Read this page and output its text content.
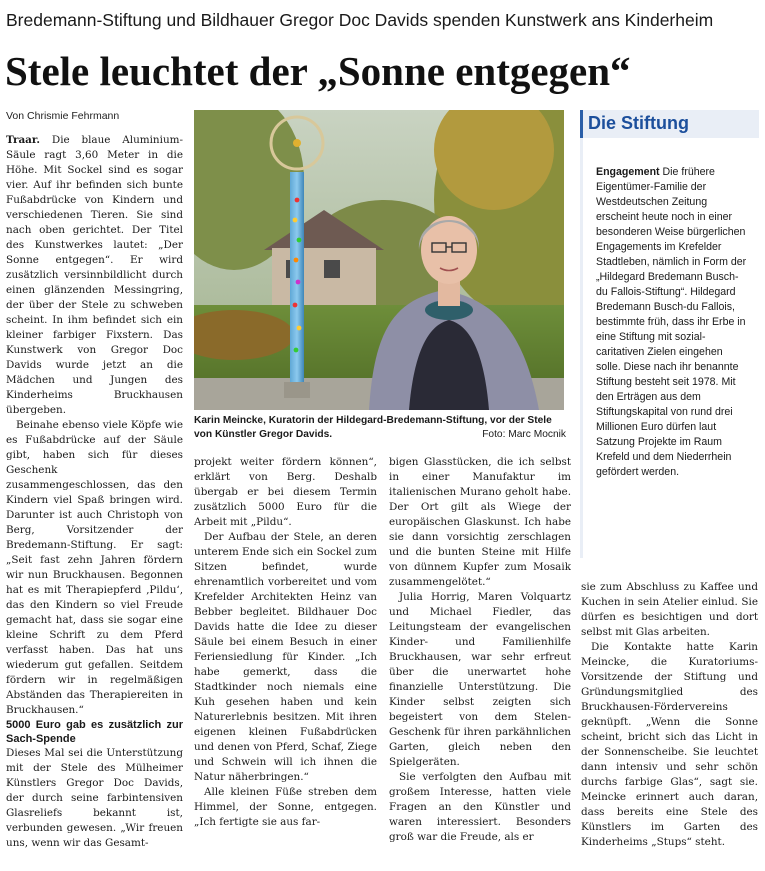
Bredemann-Stiftung und Bildhauer Gregor Doc Davids spenden Kunstwerk ans Kinderheim
Stele leuchtet der „Sonne entgegen“
Von Chrismie Fehrmann

Traar. Die blaue Aluminium-Säule ragt 3,60 Meter in die Höhe. Mit Sockel sind es sogar vier. Auf ihr befinden sich bunte Fußabdrücke von Kindern und verschiedenen Tieren. Sie sind nach oben gerichtet. Der Titel des Kunstwerkes lautet: „Der Sonne entgegen“. Er wird zusätzlich versinnbildlicht durch einen glänzenden Messingring, der über der Stele zu schweben scheint. In ihm befindet sich ein kleiner farbiger Fixstern. Das Kunstwerk von Gregor Doc Davids wurde jetzt an die Mädchen und Jungen des Kinderheims Bruckhausen übergeben.

Beinahe ebenso viele Köpfe wie es Fußabdrücke auf der Säule gibt, haben sich für dieses Geschenk zusammengeschlossen, das den Kindern viel Spaß bringen wird. Darunter ist auch Christoph von Berg, Vorsitzender der Bredemann-Stiftung. Er sagt: „Seit fast zehn Jahren fördern wir nun Bruckhausen. Begonnen hat es mit Therapiepferd ‚Pildu‘, das den Kindern so viel Freude gemacht hat, dass sie sogar eine kleine Schrift zu dem Pferd verfasst haben. Das hat uns wiederum gut gefallen. Seitdem fördern wir in regelmäßigen Abständen das Therapiereiten in Bruckhausen.“

5000 Euro gab es zusätzlich zur Sach-Spende

Dieses Mal sei die Unterstützung mit der Stele des Mülheimer Künstlers Gregor Doc Davids, der durch seine farbintensiven Glasreliefs bekannt ist, verbunden gewesen. „Wir freuen uns, wenn wir das Gesamt-

Karin Meincke, Kuratorin der Hildegard-Bredemann-Stiftung, vor der Stele von Künstler Gregor Davids.	Foto: Marc Mocnik
Die Stiftung
Engagement Die frühere Eigentümer-Familie der Westdeutschen Zeitung erscheint heute noch in einer besonderen Weise bürgerlichen Engagements im Krefelder Stadtleben, nämlich in Form der „Hildegard Bredemann Busch-du Fallois-Stiftung“. Hildegard Bredemann Busch-du Fallois, bestimmte früh, dass ihr Erbe in eine Stiftung mit sozial-caritativen Zielen eingehen solle. Diese nach ihr benannte Stiftung besteht seit 1978. Mit den Erträgen aus dem Stiftungskapital von rund drei Millionen Euro dürfen laut Satzung Projekte im Raum Krefeld und dem Niederrhein gefördert werden.

projekt weiter fördern können“, erklärt von Berg. Deshalb übergab er bei diesem Termin zusätzlich 5000 Euro für die Arbeit mit „Pildu“.

Der Aufbau der Stele, an deren unterem Ende sich ein Sockel zum Sitzen befindet, wurde ehrenamtlich vorbereitet und vom Krefelder Architekten Heinz van Bebber begleitet. Bildhauer Doc Davids hatte die Idee zu dieser Säule bei einem Besuch in einer Feriensiedlung für Kinder. „Ich habe gemerkt, dass die Stadtkinder noch niemals eine Kuh gesehen haben und kein Naturerlebnis besitzen. Mit ihren eigenen kleinen Fußabdrücken und denen von Pferd, Schaf, Ziege und Schwein will ich ihnen die Natur näherbringen.“

Alle kleinen Füße streben dem Himmel, der Sonne, entgegen. „Ich fertigte sie aus far-

bigen Glasstücken, die ich selbst in einer Manufaktur im italienischen Murano geholt habe. Der Ort gilt als Wiege der europäischen Glaskunst. Ich habe sie dann vorsichtig zerschlagen und die bunten Steine mit Hilfe von dünnem Kupfer zum Mosaik zusammengelötet.“

Julia Horrig, Maren Volquartz und Michael Fiedler, das Leitungsteam der evangelischen Kinder- und Familienhilfe Bruckhausen, war sehr erfreut über die unerwartet hohe finanzielle Unterstützung. Die Kinder selbst zeigten sich begeistert von dem Stelen-Geschenk für ihren parkähnlichen Garten, gleich neben den Spielgeräten.

Sie verfolgten den Aufbau mit großem Interesse, hatten viele Fragen an den Künstler und waren interessiert. Besonders groß war die Freude, als er

sie zum Abschluss zu Kaffee und Kuchen in sein Atelier einlud. Sie dürfen es besichtigen und dort selbst mit Glas arbeiten.

Die Kontakte hatte Karin Meincke, die Kuratoriums-Vorsitzende der Stiftung und Gründungsmitglied des Bruckhausen-Fördervereins geknüpft. „Wenn die Sonne scheint, bricht sich das Licht in der Sonnenscheibe. Sie leuchtet dann intensiv und sehr schön durchs farbige Glas“, sagt sie. Meincke erinnert auch daran, dass bereits eine Stele des Künstlers im Garten des Kinderheims „Stups“ steht.
